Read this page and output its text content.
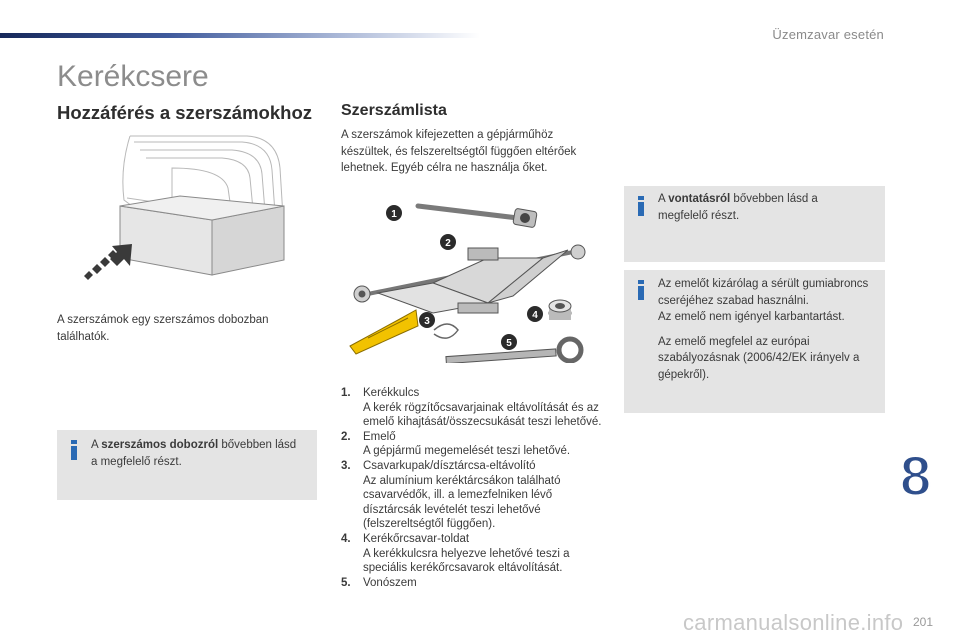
Üzemzavar esetén
Kerékcsere
Hozzáférés a szerszámokhoz
A szerszámok egy szerszámos dobozban találhatók.
A szerszámos dobozról bővebben lásd a megfelelő részt.
Szerszámlista
A szerszámok kifejezetten a gépjárműhöz készültek, és felszereltségtől függően eltérőek lehetnek. Egyéb célra ne használja őket.
1
2
3
4
5
1. Kerékkulcs
A kerék rögzítőcsavarjainak eltávolítását és az emelő kihajtását/összecsukását teszi lehetővé.
2. Emelő
A gépjármű megemelését teszi lehetővé.
3. Csavarkupak/dísztárcsa-eltávolító
Az alumínium keréktárcsákon található csavarvédők, ill. a lemezfelniken lévő dísztárcsák levételét teszi lehetővé (felszereltségtől függően).
4. Kerékőrcsavar-toldat
A kerékkulcsra helyezve lehetővé teszi a speciális kerékőrcsavarok eltávolítását.
5. Vonószem
A vontatásról bővebben lásd a megfelelő részt.
Az emelőt kizárólag a sérült gumiabroncs cseréjéhez szabad használni.
Az emelő nem igényel karbantartást.
Az emelő megfelel az európai szabályozásnak (2006/42/EK irányelv a gépekről).
8
carmanualsonline.info 201
